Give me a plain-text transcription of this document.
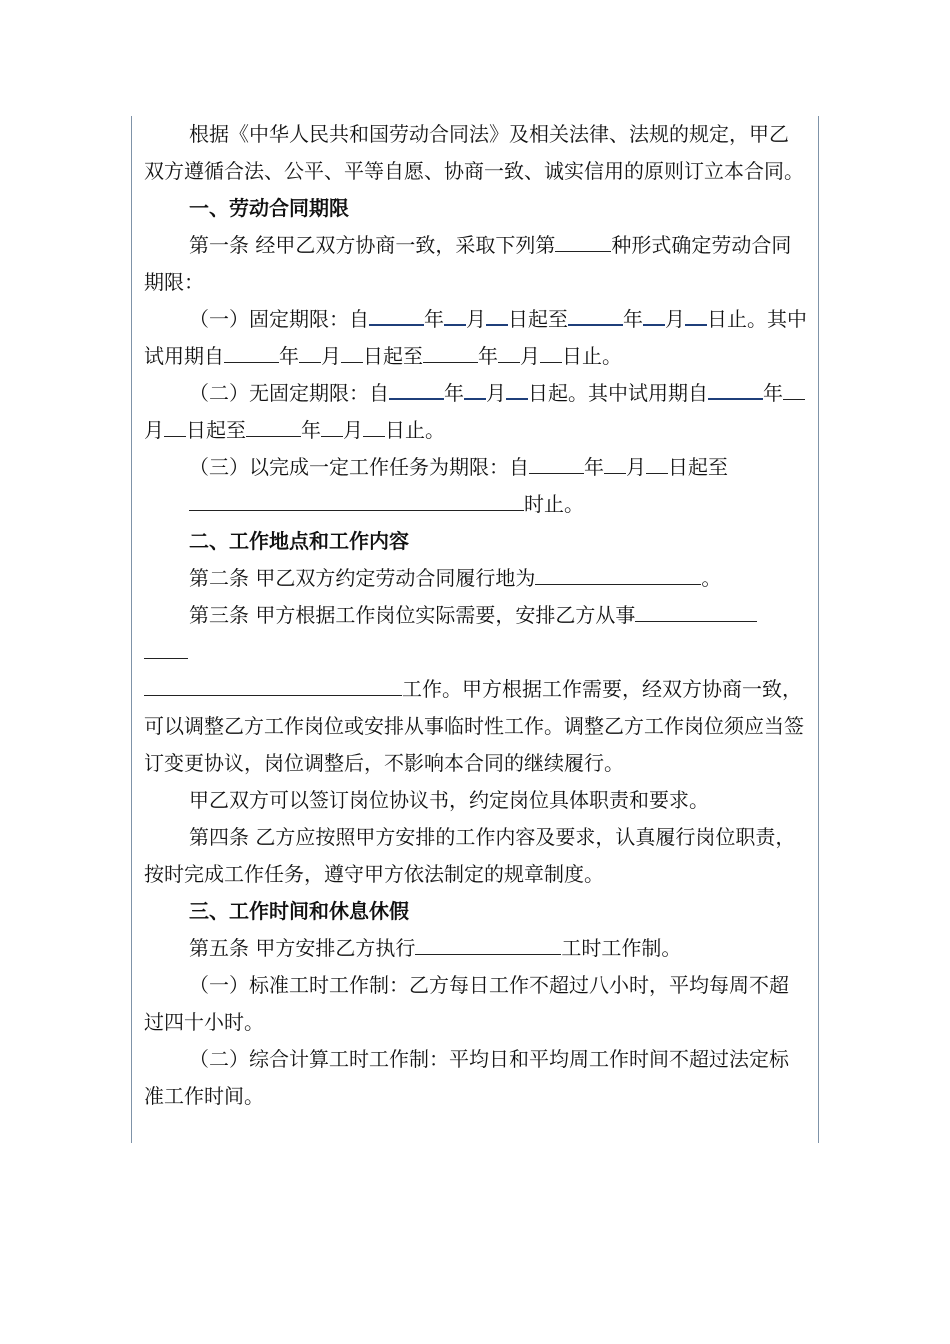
根据《中华人民共和国劳动合同法》及相关法律、法规的规定，甲乙双方遵循合法、公平、平等自愿、协商一致、诚实信用的原则订立本合同。

一、劳动合同期限

第一条 经甲乙双方协商一致，采取下列第	种形式确定劳动合同期限：

（一）固定期限：自	年 月 日起至	年 月 日止。其中试用期自	年 月 日起至	年 月 日止。

（二）无固定期限：自	年 月 日起。其中试用期自	年月 日起至	年 月 日止。

（三）以完成一定工作任务为期限：自	年 月 日起至
时止。

二、工作地点和工作内容

第二条 甲乙双方约定劳动合同履行地为	。

第三条 甲方根据工作岗位实际需要，安排乙方从事

工作。甲方根据工作需要，经双方协商一致，可以调整乙方工作岗位或安排从事临时性工作。调整乙方工作岗位须应当签订变更协议，岗位调整后，不影响本合同的继续履行。

甲乙双方可以签订岗位协议书，约定岗位具体职责和要求。

第四条 乙方应按照甲方安排的工作内容及要求，认真履行岗位职责，按时完成工作任务，遵守甲方依法制定的规章制度。

三、工作时间和休息休假

第五条 甲方安排乙方执行	工时工作制。

（一）标准工时工作制：乙方每日工作不超过八小时，平均每周不超过四十小时。

（二）综合计算工时工作制：平均日和平均周工作时间不超过法定标准工作时间。
